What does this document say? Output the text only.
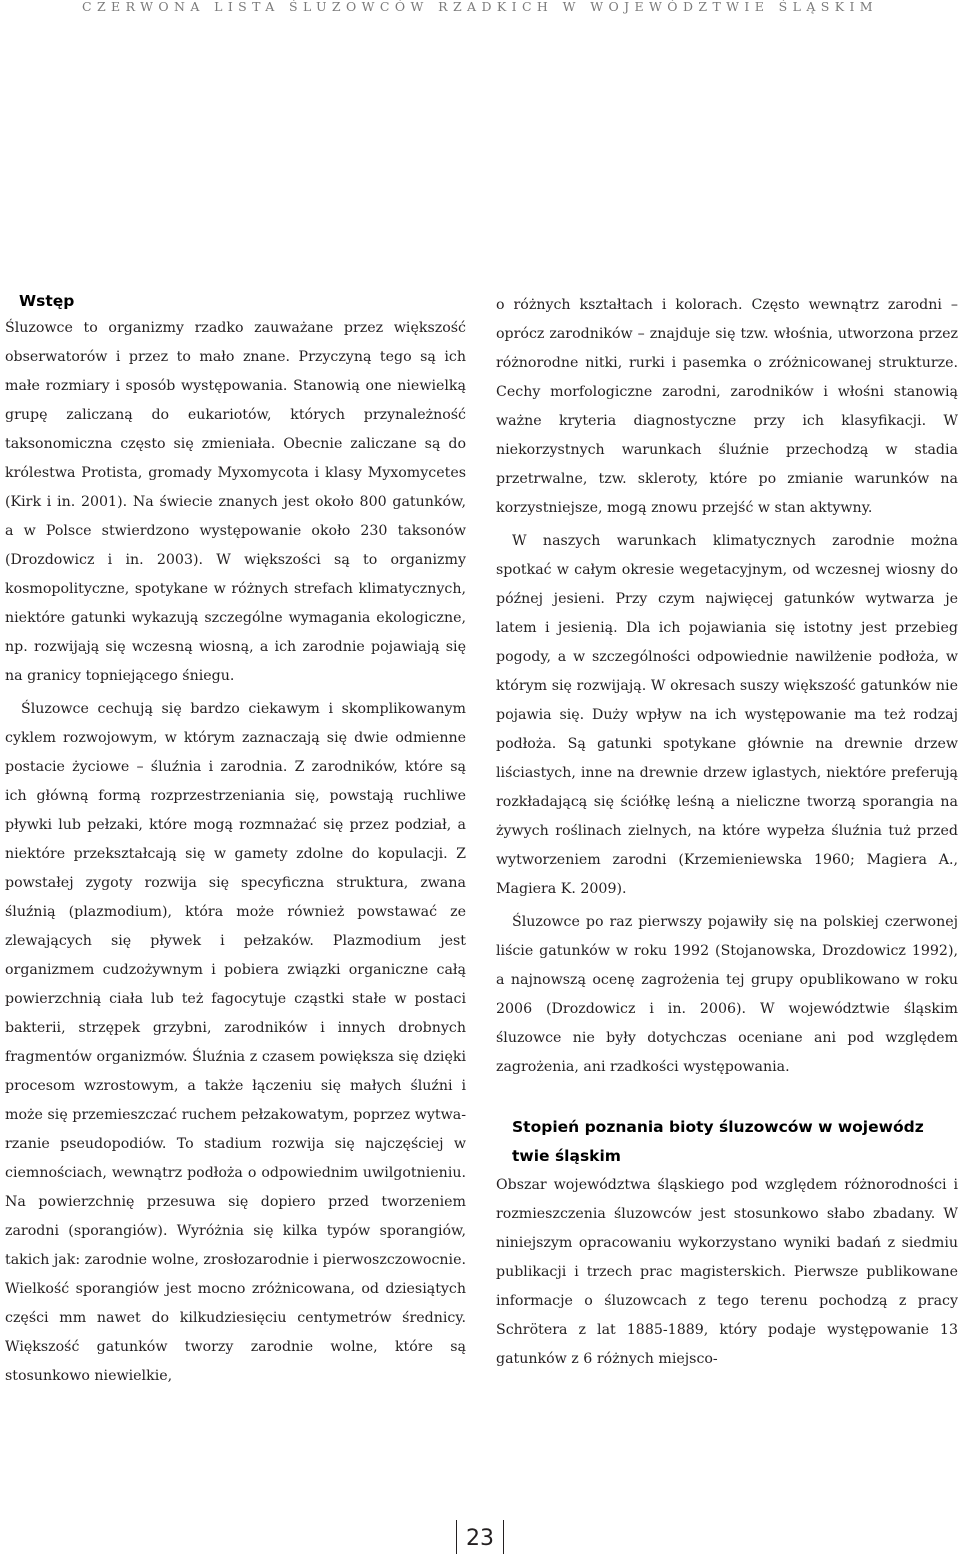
CZERWONA LISTA ŚLUZOWCÓW RZADKICH W WOJEWÓDZTWIE ŚLĄSKIM
Wstęp

Śluzowce to organizmy rzadko zauważane przez większość obserwatorów i przez to mało znane. Przyczyną tego są ich małe rozmiary i sposób występowania. Stanowią one niewielką grupę zaliczaną do eukariotów, których przynależność taksonomiczna często się zmieniała. Obecnie zaliczane są do królestwa Protista, gromady Myxomycota i klasy Myxomycetes (Kirk i in. 2001). Na świecie znanych jest około 800 gatunków, a w Polsce stwierdzono występowanie około 230 taksonów (Drozdowicz i in. 2003). W większości są to organizmy kosmopolityczne, spotykane w różnych strefach klimatycznych, niektóre gatunki wykazują szczególne wymagania ekologiczne, np. rozwijają się wczesną wiosną, a ich zarodnie pojawiają się na granicy topniejącego śniegu.

Śluzowce cechują się bardzo ciekawym i skomplikowanym cyklem rozwojowym, w którym zaznaczają się dwie odmienne postacie życiowe – śluźnia i zarodnia. Z zarodników, które są ich główną formą rozprzestrzeniania się, powstają ruchliwe pływki lub pełzaki, które mogą rozmnażać się przez podział, a niektóre przekształcają się w gamety zdolne do kopulacji. Z powstałej zygoty rozwija się specyficzna struktura, zwana śluźnią (plazmodium), która może również powstawać ze zlewających się pływek i pełzaków. Plazmodium jest organizmem cudzożywnym i pobiera związki organiczne całą powierzchnią ciała lub też fagocytuje cząstki stałe w postaci bakterii, strzępek grzybni, zarodników i innych drobnych fragmentów organizmów. Śluźnia z czasem powiększa się dzięki procesom wzrostowym, a także łączeniu się małych śluźni i może się przemieszczać ruchem pełzakowatym, poprzez wytwarzanie pseudopodiów. To stadium rozwija się najczęściej w ciemnościach, wewnątrz podłoża o odpowiednim uwilgotnieniu. Na powierzchnię przesuwa się dopiero przed tworzeniem zarodni (sporangiów). Wyróżnia się kilka typów sporangiów, takich jak: zarodnie wolne, zrosłozarodnie i pierwoszczowocnie. Wielkość sporangiów jest mocno zróżnicowana, od dziesiątych części mm nawet do kilkudziesięciu centymetrów średnicy. Większość gatunków tworzy zarodnie wolne, które są stosunkowo niewielkie,

o różnych kształtach i kolorach. Często wewnątrz zarodni – oprócz zarodników – znajduje się tzw. włośnia, utworzona przez różnorodne nitki, rurki i pasemka o zróżnicowanej strukturze. Cechy morfologiczne zarodni, zarodników i włośni stanowią ważne kryteria diagnostyczne przy ich klasyfikacji. W niekorzystnych warunkach śluźnie przechodzą w stadia przetrwalne, tzw. skleroty, które po zmianie warunków na korzystniejsze, mogą znowu przejść w stan aktywny.

W naszych warunkach klimatycznych zarodnie można spotkać w całym okresie wegetacyjnym, od wczesnej wiosny do późnej jesieni. Przy czym najwięcej gatunków wytwarza je latem i jesienią. Dla ich pojawiania się istotny jest przebieg pogody, a w szczególności odpowiednie nawilżenie podłoża, w którym się rozwijają. W okresach suszy większość gatunków nie pojawia się. Duży wpływ na ich występowanie ma też rodzaj podłoża. Są gatunki spotykane głównie na drewnie drzew liściastych, inne na drewnie drzew iglastych, niektóre preferują rozkładającą się ściółkę leśną a nieliczne tworzą sporangia na żywych roślinach zielnych, na które wypełza śluźnia tuż przed wytworzeniem zarodni (Krzemieniewska 1960; Magiera A., Magiera K. 2009).

Śluzowce po raz pierwszy pojawiły się na polskiej czerwonej liście gatunków w roku 1992 (Stojanowska, Drozdowicz 1992), a najnowszą ocenę zagrożenia tej grupy opublikowano w roku 2006 (Drozdowicz i in. 2006). W województwie śląskim śluzowce nie były dotychczas oceniane ani pod względem zagrożenia, ani rzadkości występowania.

Stopień poznania bioty śluzowców w wojewódz
twie śląskim

Obszar województwa śląskiego pod względem różnorodności i rozmieszczenia śluzowców jest stosunkowo słabo zbadany. W niniejszym opracowaniu wykorzystano wyniki badań z siedmiu publikacji i trzech prac magisterskich. Pierwsze publikowane informacje o śluzowcach z tego terenu pochodzą z pracy Schrötera z lat 1885-1889, który podaje występowanie 13 gatunków z 6 różnych miejsco-

23
